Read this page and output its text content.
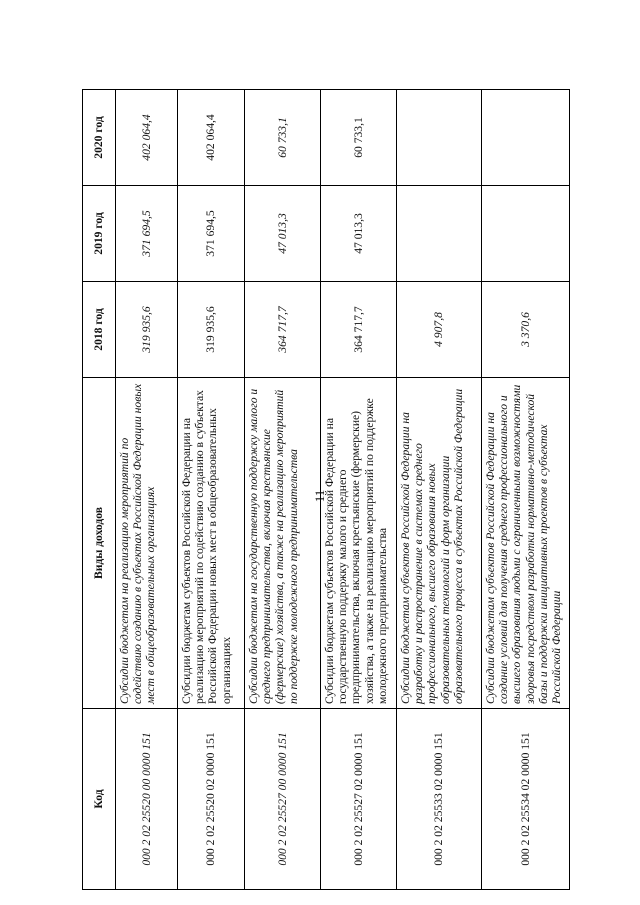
11
Код	Виды доходов	2018 год	2019 год	2020 год
000 2 02 25520 00 0000 151	Субсидии бюджетам на реализацию мероприятий по содействию созданию в субъектах Российской Федерации новых мест в общеобразовательных организациях	319 935,6	371 694,5	402 064,4
000 2 02 25520 02 0000 151	Субсидии бюджетам субъектов Российской Федерации на реализацию мероприятий по содействию созданию в субъектах Российской Федерации новых мест в общеобразовательных организациях	319 935,6	371 694,5	402 064,4
000 2 02 25527 00 0000 151	Субсидии бюджетам на государственную поддержку малого и среднего предпринимательства, включая крестьянские (фермерские) хозяйства, а также на реализацию мероприятий по поддержке молодежного предпринимательства	364 717,7	47 013,3	60 733,1
000 2 02 25527 02 0000 151	Субсидии бюджетам субъектов Российской Федерации на государственную поддержку малого и среднего предпринимательства, включая крестьянские (фермерские) хозяйства, а также на реализацию мероприятий по поддержке молодежного предпринимательства	364 717,7	47 013,3	60 733,1
000 2 02 25533 02 0000 151	Субсидии бюджетам субъектов Российской Федерации на разработку и распространение в системах среднего профессионального, высшего образования новых образовательных технологий и форм организации образовательного процесса в субъектах Российской Федерации	4 907,8		
000 2 02 25534 02 0000 151	Субсидии бюджетам субъектов Российской Федерации на создание условий для получения среднего профессионального и высшего образования людьми с ограниченными возможностями здоровья посредством разработки нормативно-методической базы и поддержки инициативных проектов в субъектах Российской Федерации	3 370,6		
